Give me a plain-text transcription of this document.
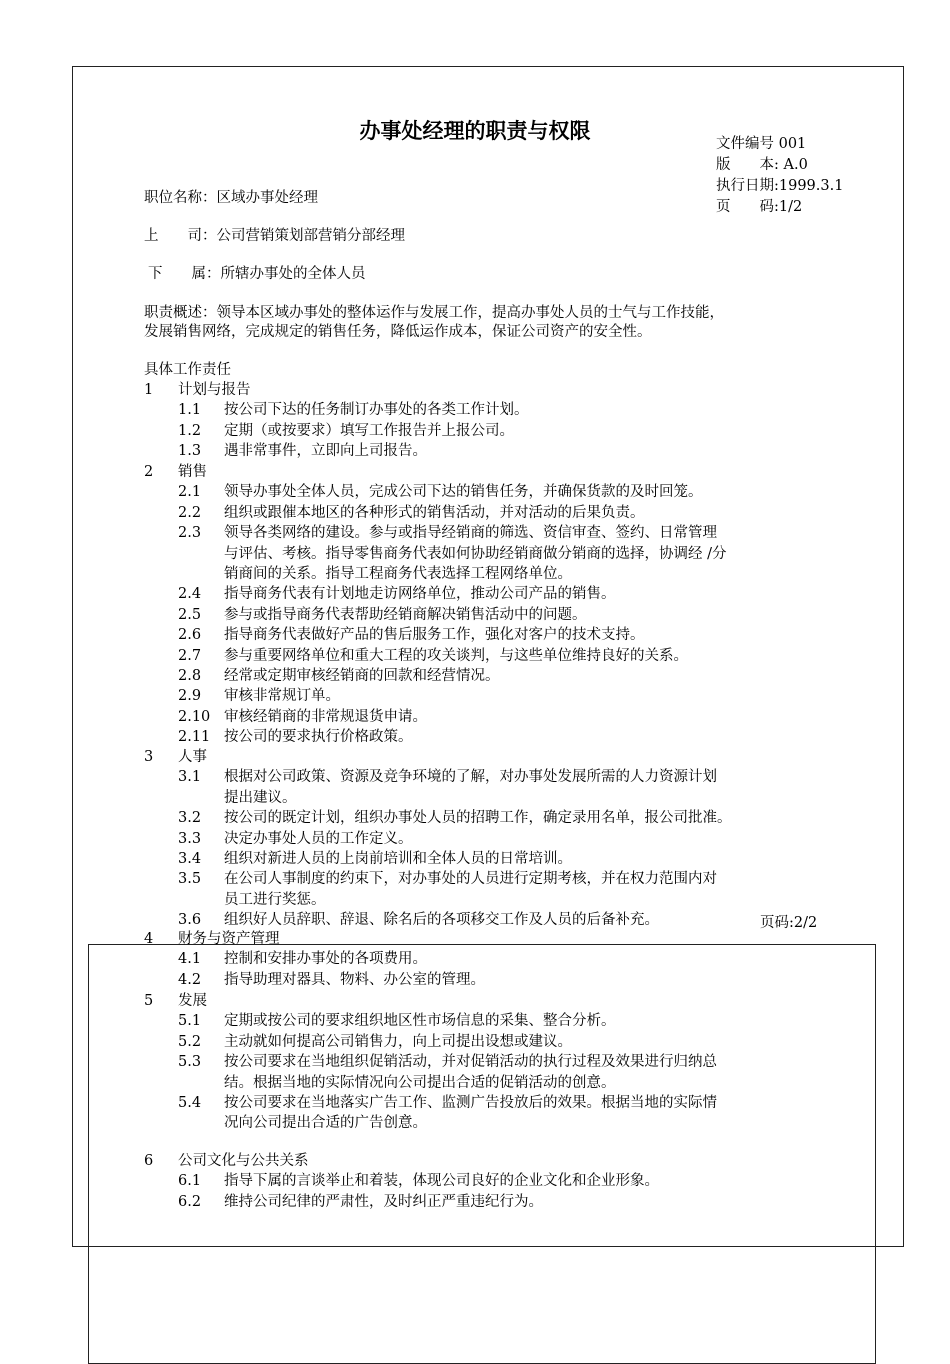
办事处经理的职责与权限
文件编号 001
版　　本: A.0
执行日期:1999.3.1
页　　码:1/2
职位名称：区域办事处经理
上　　司：公司营销策划部营销分部经理
下　　属：所辖办事处的全体人员
职责概述：领导本区域办事处的整体运作与发展工作，提高办事处人员的士气与工作技能，
发展销售网络，完成规定的销售任务，降低运作成本，保证公司资产的安全性。
具体工作责任
页码:2/2
1 计划与报告
1.1 按公司下达的任务制订办事处的各类工作计划。
1.2 定期（或按要求）填写工作报告并上报公司。
1.3 遇非常事件，立即向上司报告。
2 销售
2.1 领导办事处全体人员，完成公司下达的销售任务，并确保货款的及时回笼。
2.2 组织或跟催本地区的各种形式的销售活动，并对活动的后果负责。
2.3 领导各类网络的建设。参与或指导经销商的筛选、资信审查、签约、日常管理
与评估、考核。指导零售商务代表如何协助经销商做分销商的选择，协调经 /分
销商间的关系。指导工程商务代表选择工程网络单位。
2.4 指导商务代表有计划地走访网络单位，推动公司产品的销售。
2.5 参与或指导商务代表帮助经销商解决销售活动中的问题。
2.6 指导商务代表做好产品的售后服务工作，强化对客户的技术支持。
2.7 参与重要网络单位和重大工程的攻关谈判，与这些单位维持良好的关系。
2.8 经常或定期审核经销商的回款和经营情况。
2.9 审核非常规订单。
2.10 审核经销商的非常规退货申请。
2.11 按公司的要求执行价格政策。
3 人事
3.1 根据对公司政策、资源及竞争环境的了解，对办事处发展所需的人力资源计划
提出建议。
3.2 按公司的既定计划，组织办事处人员的招聘工作，确定录用名单，报公司批准。
3.3 决定办事处人员的工作定义。
3.4 组织对新进人员的上岗前培训和全体人员的日常培训。
3.5 在公司人事制度的约束下，对办事处的人员进行定期考核，并在权力范围内对
员工进行奖惩。
3.6 组织好人员辞职、辞退、除名后的各项移交工作及人员的后备补充。
4 财务与资产管理
4.1 控制和安排办事处的各项费用。
4.2 指导助理对器具、物料、办公室的管理。
5 发展
5.1 定期或按公司的要求组织地区性市场信息的采集、整合分析。
5.2 主动就如何提高公司销售力，向上司提出设想或建议。
5.3 按公司要求在当地组织促销活动，并对促销活动的执行过程及效果进行归纳总
结。根据当地的实际情况向公司提出合适的促销活动的创意。
5.4 按公司要求在当地落实广告工作、监测广告投放后的效果。根据当地的实际情
况向公司提出合适的广告创意。
6 公司文化与公共关系
6.1 指导下属的言谈举止和着装，体现公司良好的企业文化和企业形象。
6.2 维持公司纪律的严肃性，及时纠正严重违纪行为。
